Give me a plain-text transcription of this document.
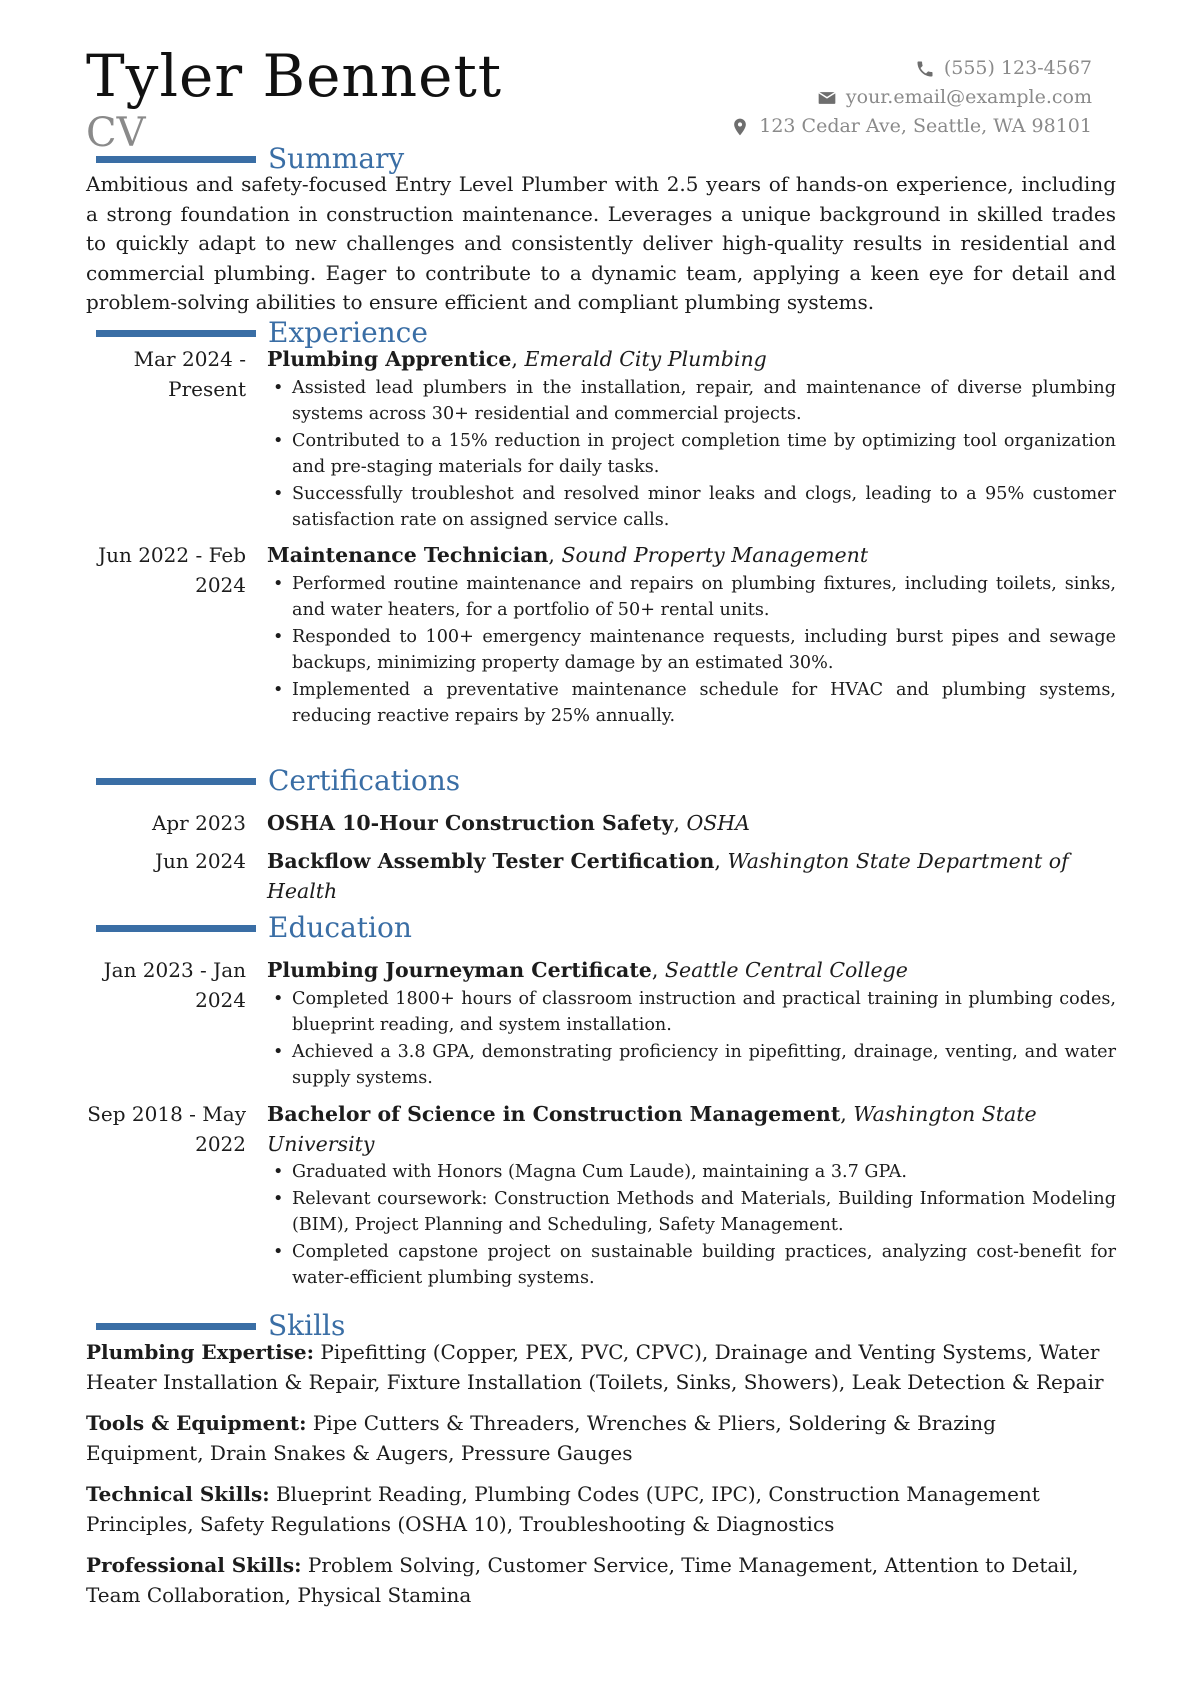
Tyler Bennett
CV
(555) 123-4567
your.email@example.com
123 Cedar Ave, Seattle, WA 98101
Summary
Ambitious and safety-focused Entry Level Plumber with 2.5 years of hands-on experience, including a strong foundation in construction maintenance. Leverages a unique background in skilled trades to quickly adapt to new challenges and consistently deliver high-quality results in residential and commercial plumbing. Eager to contribute to a dynamic team, applying a keen eye for detail and problem-solving abilities to ensure efficient and compliant plumbing systems.
Experience
Mar 2024 - Present
Plumbing Apprentice, Emerald City Plumbing
• Assisted lead plumbers in the installation, repair, and maintenance of diverse plumbing systems across 30+ residential and commercial projects.
• Contributed to a 15% reduction in project completion time by optimizing tool organization and pre-staging materials for daily tasks.
• Successfully troubleshot and resolved minor leaks and clogs, leading to a 95% customer satisfaction rate on assigned service calls.
Jun 2022 - Feb 2024
Maintenance Technician, Sound Property Management
• Performed routine maintenance and repairs on plumbing fixtures, including toilets, sinks, and water heaters, for a portfolio of 50+ rental units.
• Responded to 100+ emergency maintenance requests, including burst pipes and sewage backups, minimizing property damage by an estimated 30%.
• Implemented a preventative maintenance schedule for HVAC and plumbing systems, reducing reactive repairs by 25% annually.
Certifications
Apr 2023 OSHA 10-Hour Construction Safety, OSHA
Jun 2024 Backflow Assembly Tester Certification, Washington State Department of Health
Education
Jan 2023 - Jan 2024
Plumbing Journeyman Certificate, Seattle Central College
• Completed 1800+ hours of classroom instruction and practical training in plumbing codes, blueprint reading, and system installation.
• Achieved a 3.8 GPA, demonstrating proficiency in pipefitting, drainage, venting, and water supply systems.
Sep 2018 - May 2022
Bachelor of Science in Construction Management, Washington State University
• Graduated with Honors (Magna Cum Laude), maintaining a 3.7 GPA.
• Relevant coursework: Construction Methods and Materials, Building Information Modeling (BIM), Project Planning and Scheduling, Safety Management.
• Completed capstone project on sustainable building practices, analyzing cost-benefit for water-efficient plumbing systems.
Skills
Plumbing Expertise: Pipefitting (Copper, PEX, PVC, CPVC), Drainage and Venting Systems, Water Heater Installation & Repair, Fixture Installation (Toilets, Sinks, Showers), Leak Detection & Repair
Tools & Equipment: Pipe Cutters & Threaders, Wrenches & Pliers, Soldering & Brazing Equipment, Drain Snakes & Augers, Pressure Gauges
Technical Skills: Blueprint Reading, Plumbing Codes (UPC, IPC), Construction Management Principles, Safety Regulations (OSHA 10), Troubleshooting & Diagnostics
Professional Skills: Problem Solving, Customer Service, Time Management, Attention to Detail, Team Collaboration, Physical Stamina
